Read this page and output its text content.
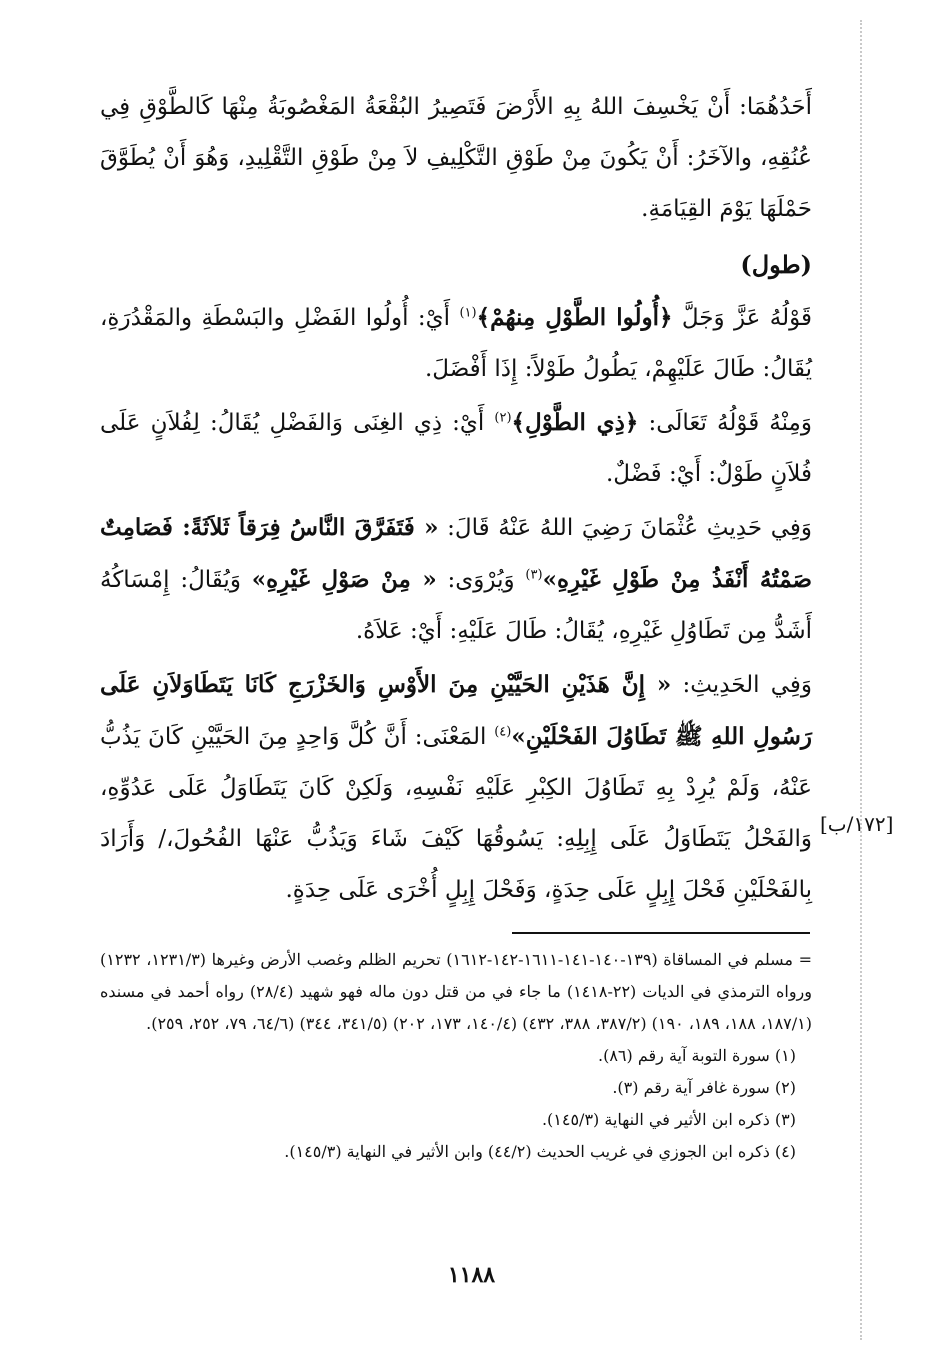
أَحَدُهُمَا: أَنْ يَخْسِفَ اللهُ بِهِ الأَرْضَ فَتَصِيرُ البُقْعَةُ المَغْصُوبَةُ مِنْهَا كَالطَّوْقِ فِي عُنُقِهِ، والآخَرُ: أَنْ يَكُونَ مِنْ طَوْقِ التَّكْلِيفِ لاَ مِنْ طَوْقِ التَّقْلِيدِ، وَهُوَ أَنْ يُطَوَّقَ حَمْلَهَا يَوْمَ القِيَامَةِ.

(طول)

قَوْلُهُ عَزَّ وَجَلَّ ﴿أُولُوا الطَّوْلِ مِنهُمْ﴾$^{(١)}$ أَيْ: أُولُوا الفَضْلِ والبَسْطَةِ والمَقْدُرَةِ، يُقَالُ: طَالَ عَلَيْهِمْ، يَطُولُ طَوْلاً: إِذَا أَفْضَلَ.

وَمِنْهُ قَوْلُهُ تَعَالَى: ﴿ذِي الطَّوْلِ﴾$^{(٢)}$ أَيْ: ذِي الغِنَى وَالفَضْلِ يُقَالُ: لِفُلاَنٍ عَلَى فُلاَنٍ طَوْلٌ: أَيْ: فَضْلٌ.

وَفِي حَدِيثِ عُثْمَانَ رَضِيَ اللهُ عَنْهُ قَالَ: « فَتَفَرَّقَ النَّاسُ فِرَقاً ثَلاَثَةً: فَصَامِتٌ صَمْتُهُ أَنْفَذُ مِنْ طَوْلِ غَيْرِهِ»$^{(٣)}$ وَيُرْوَى: « مِنْ صَوْلِ غَيْرِهِ» وَيُقَالُ: إِمْسَاكُهُ أَشَدُّ مِن تَطَاوُلِ غَيْرِهِ، يُقَالُ: طَالَ عَلَيْهِ: أَيْ: عَلاَهُ.

وَفِي الحَدِيثِ: « إِنَّ هَذَيْنِ الحَيَّيْنِ مِنَ الأَوْسِ وَالخَزْرَجِ كَانَا يَتَطَاوَلاَنِ عَلَى رَسُولِ اللهِ ﷺ تَطَاوُلَ الفَحْلَيْنِ»$^{(٤)}$ المَعْنَى: أَنَّ كُلَّ وَاحِدٍ مِنَ الحَيَّيْنِ كَانَ يَذُبُّ عَنْهُ، وَلَمْ يُرِدْ بِهِ تَطَاوُلَ الكِبْرِ عَلَيْهِ نَفْسِهِ، وَلَكِنْ كَانَ يَتَطَاوَلُ عَلَى عَدُوِّهِ، وَالفَحْلُ يَتَطَاوَلُ عَلَى إِبِلِهِ: يَسُوقُهَا كَيْفَ شَاءَ وَيَذُبُّ عَنْهَا الفُحُولَ،/ وَأَرَادَ بِالفَحْلَيْنِ فَحْلَ إِبِلٍ عَلَى حِدَةٍ، وَفَحْلَ إِبِلٍ أُخْرَى عَلَى حِدَةٍ.

[١٧٢/ب]

= مسلم في المساقاة (١٣٩-١٤٠-١٤١-١٦١١-١٤٢-١٦١٢) تحريم الظلم وغصب الأرض وغيرها (١٢٣١/٣، ١٢٣٢) ورواه الترمذي في الديات (٢٢-١٤١٨) ما جاء في من قتل دون ماله فهو شهيد (٢٨/٤) رواه أحمد في مسنده (١٨٧/١، ١٨٨، ١٨٩، ١٩٠) (٣٨٧/٢، ٣٨٨، ٤٣٢) (١٤٠/٤، ١٧٣، ٢٠٢) (٣٤١/٥، ٣٤٤) (٦٤/٦، ٧٩، ٢٥٢، ٢٥٩).

(١) سورة التوبة آية رقم (٨٦).

(٢) سورة غافر آية رقم (٣).

(٣) ذكره ابن الأثير في النهاية (١٤٥/٣).

(٤) ذكره ابن الجوزي في غريب الحديث (٤٤/٢) وابن الأثير في النهاية (١٤٥/٣).

١١٨٨
